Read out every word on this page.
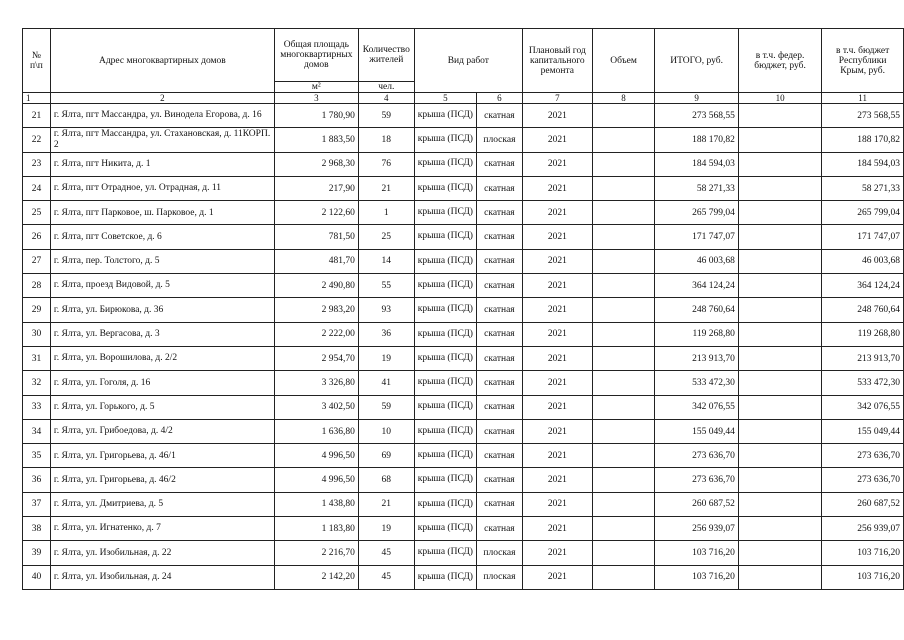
№ п\п	Адрес многоквартирных домов	Общая площадь многоквартирных домов	Количество жителей	Вид работ		Плановый год капитального ремонта	Объем	ИТОГО, руб.	в т.ч. федер. бюджет, руб.	в т.ч. бюджет Республики Крым, руб.
		м²	чел.							
1	2	3	4	5	6	7	8	9	10	11
21	г. Ялта, пгт Массандра, ул. Винодела Егорова, д. 16	1 780,90	59	крыша (ПСД)	скатная	2021		273 568,55		273 568,55
22	г. Ялта, пгт Массандра, ул. Стахановская, д. 11КОРП. 2	1 883,50	18	крыша (ПСД)	плоская	2021		188 170,82		188 170,82
23	г. Ялта, пгт Никита, д. 1	2 968,30	76	крыша (ПСД)	скатная	2021		184 594,03		184 594,03
24	г. Ялта, пгт Отрадное, ул. Отрадная, д. 11	217,90	21	крыша (ПСД)	скатная	2021		58 271,33		58 271,33
25	г. Ялта, пгт Парковое, ш. Парковое, д. 1	2 122,60	1	крыша (ПСД)	скатная	2021		265 799,04		265 799,04
26	г. Ялта, пгт Советское, д. 6	781,50	25	крыша (ПСД)	скатная	2021		171 747,07		171 747,07
27	г. Ялта, пер. Толстого, д. 5	481,70	14	крыша (ПСД)	скатная	2021		46 003,68		46 003,68
28	г. Ялта, проезд Видовой, д. 5	2 490,80	55	крыша (ПСД)	скатная	2021		364 124,24		364 124,24
29	г. Ялта, ул. Бирюкова, д. 36	2 983,20	93	крыша (ПСД)	скатная	2021		248 760,64		248 760,64
30	г. Ялта, ул. Вергасова, д. 3	2 222,00	36	крыша (ПСД)	скатная	2021		119 268,80		119 268,80
31	г. Ялта, ул. Ворошилова, д. 2/2	2 954,70	19	крыша (ПСД)	скатная	2021		213 913,70		213 913,70
32	г. Ялта, ул. Гоголя, д. 16	3 326,80	41	крыша (ПСД)	скатная	2021		533 472,30		533 472,30
33	г. Ялта, ул. Горького, д. 5	3 402,50	59	крыша (ПСД)	скатная	2021		342 076,55		342 076,55
34	г. Ялта, ул. Грибоедова, д. 4/2	1 636,80	10	крыша (ПСД)	скатная	2021		155 049,44		155 049,44
35	г. Ялта, ул. Григорьева, д. 46/1	4 996,50	69	крыша (ПСД)	скатная	2021		273 636,70		273 636,70
36	г. Ялта, ул. Григорьева, д. 46/2	4 996,50	68	крыша (ПСД)	скатная	2021		273 636,70		273 636,70
37	г. Ялта, ул. Дмитриева, д. 5	1 438,80	21	крыша (ПСД)	скатная	2021		260 687,52		260 687,52
38	г. Ялта, ул. Игнатенко, д. 7	1 183,80	19	крыша (ПСД)	скатная	2021		256 939,07		256 939,07
39	г. Ялта, ул. Изобильная, д. 22	2 216,70	45	крыша (ПСД)	плоская	2021		103 716,20		103 716,20
40	г. Ялта, ул. Изобильная, д. 24	2 142,20	45	крыша (ПСД)	плоская	2021		103 716,20		103 716,20
